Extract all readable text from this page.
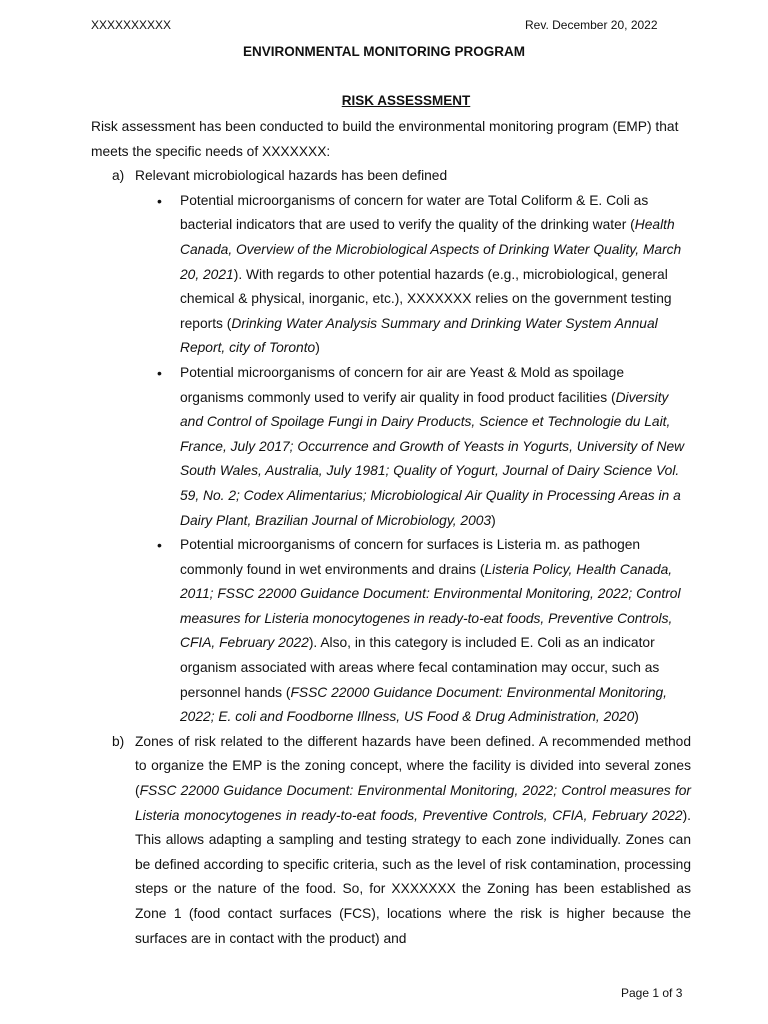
XXXXXXXXXX	Rev. December 20, 2022
ENVIRONMENTAL MONITORING PROGRAM
RISK ASSESSMENT

Risk assessment has been conducted to build the environmental monitoring program (EMP) that meets the specific needs of XXXXXXX:

a) Relevant microbiological hazards has been defined
• Potential microorganisms of concern for water are Total Coliform & E. Coli as bacterial indicators that are used to verify the quality of the drinking water (Health Canada, Overview of the Microbiological Aspects of Drinking Water Quality, March 20, 2021). With regards to other potential hazards (e.g., microbiological, general chemical & physical, inorganic, etc.), XXXXXXX relies on the government testing reports (Drinking Water Analysis Summary and Drinking Water System Annual Report, city of Toronto)
• Potential microorganisms of concern for air are Yeast & Mold as spoilage organisms commonly used to verify air quality in food product facilities (Diversity and Control of Spoilage Fungi in Dairy Products, Science et Technologie du Lait, France, July 2017; Occurrence and Growth of Yeasts in Yogurts, University of New South Wales, Australia, July 1981; Quality of Yogurt, Journal of Dairy Science Vol. 59, No. 2; Codex Alimentarius; Microbiological Air Quality in Processing Areas in a Dairy Plant, Brazilian Journal of Microbiology, 2003)
• Potential microorganisms of concern for surfaces is Listeria m. as pathogen commonly found in wet environments and drains (Listeria Policy, Health Canada, 2011; FSSC 22000 Guidance Document: Environmental Monitoring, 2022; Control measures for Listeria monocytogenes in ready-to-eat foods, Preventive Controls, CFIA, February 2022). Also, in this category is included E. Coli as an indicator organism associated with areas where fecal contamination may occur, such as personnel hands (FSSC 22000 Guidance Document: Environmental Monitoring, 2022; E. coli and Foodborne Illness, US Food & Drug Administration, 2020)
b) Zones of risk related to the different hazards have been defined. A recommended method to organize the EMP is the zoning concept, where the facility is divided into several zones (FSSC 22000 Guidance Document: Environmental Monitoring, 2022; Control measures for Listeria monocytogenes in ready-to-eat foods, Preventive Controls, CFIA, February 2022). This allows adapting a sampling and testing strategy to each zone individually. Zones can be defined according to specific criteria, such as the level of risk contamination, processing steps or the nature of the food. So, for XXXXXXX the Zoning has been established as Zone 1 (food contact surfaces (FCS), locations where the risk is higher because the surfaces are in contact with the product) and
Page 1 of 3
